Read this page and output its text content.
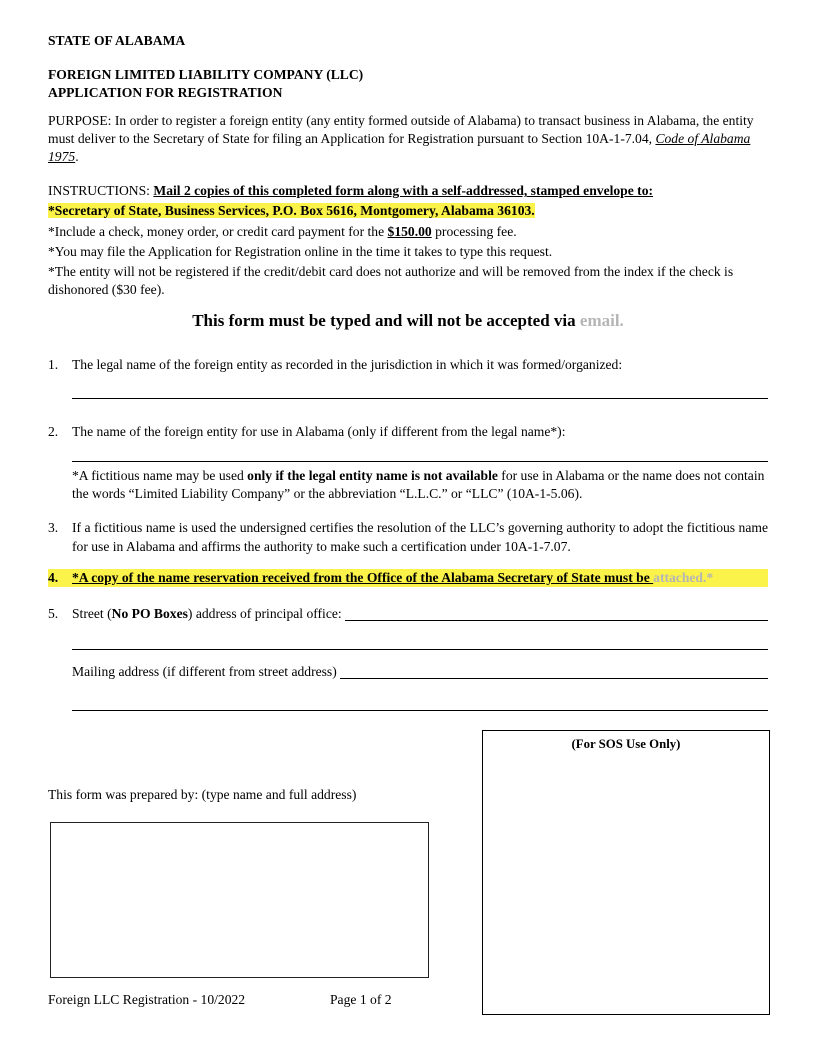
STATE OF ALABAMA

FOREIGN LIMITED LIABILITY COMPANY (LLC)
APPLICATION FOR REGISTRATION

PURPOSE: In order to register a foreign entity (any entity formed outside of Alabama) to transact business in Alabama, the entity must deliver to the Secretary of State for filing an Application for Registration pursuant to Section 10A-1-7.04, Code of Alabama 1975.

INSTRUCTIONS: Mail 2 copies of this completed form along with a self-addressed, stamped envelope to:

*Secretary of State, Business Services, P.O. Box 5616, Montgomery, Alabama 36103.

*Include a check, money order, or credit card payment for the $150.00 processing fee.

*You may file the Application for Registration online in the time it takes to type this request.

*The entity will not be registered if the credit/debit card does not authorize and will be removed from the index if the check is dishonored ($30 fee).

This form must be typed and will not be accepted via email.

1.	The legal name of the foreign entity as recorded in the jurisdiction in which it was formed/organized:
2.	The name of the foreign entity for use in Alabama (only if different from the legal name*):

*A fictitious name may be used only if the legal entity name is not available for use in Alabama or the name does not contain the words “Limited Liability Company” or the abbreviation “L.L.C.” or “LLC” (10A-1-5.06).

3.	If a fictitious name is used the undersigned certifies the resolution of the LLC’s governing authority to adopt the fictitious name for use in Alabama and affirms the authority to make such a certification under 10A-1-7.07.
4.	*A copy of the name reservation received from the Office of the Alabama Secretary of State must be attached.*
5.	Street (No PO Boxes) address of principal office:
Mailing address (if different from street address)
(For SOS Use Only)

This form was prepared by: (type name and full address)

Foreign LLC Registration - 10/2022	Page 1 of 2
